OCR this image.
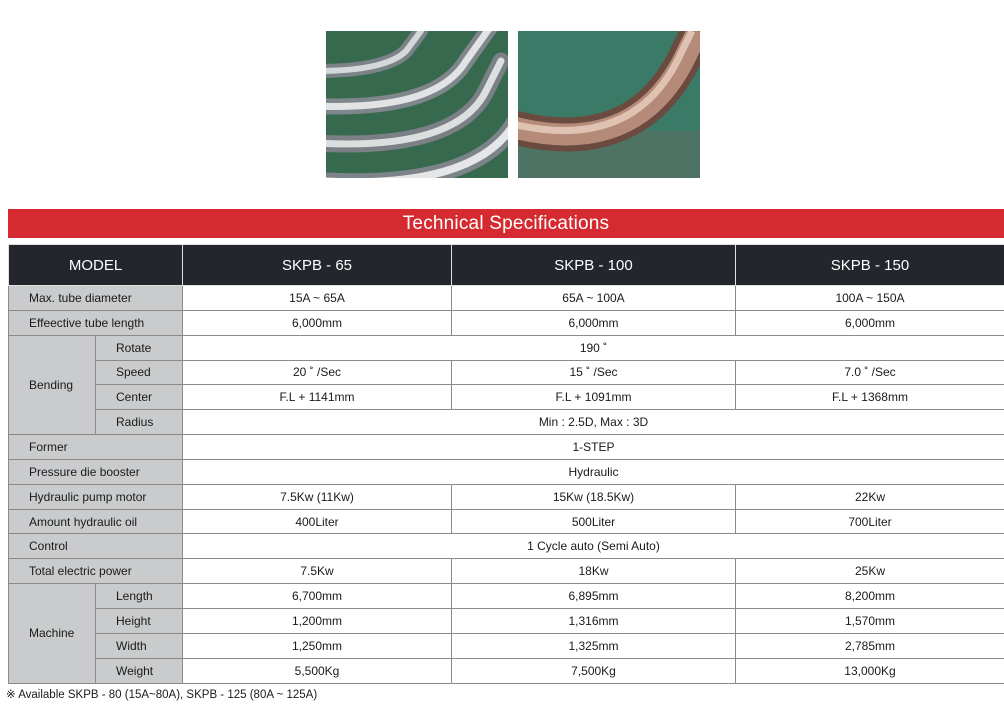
Technical Specifications
MODEL		SKPB - 65	SKPB - 100	SKPB - 150
Max. tube diameter		15A ~ 65A	65A ~ 100A	100A ~ 150A
Effeective tube length		6,000mm	6,000mm	6,000mm
Bending	Rotate	190 ˚		
	Speed	20 ˚ /Sec	15 ˚ /Sec	7.0 ˚ /Sec
	Center	F.L + 1141mm	F.L + 1091mm	F.L + 1368mm
	Radius	Min : 2.5D, Max : 3D		
Former		1-STEP		
Pressure die booster		Hydraulic		
Hydraulic pump motor		7.5Kw (11Kw)	15Kw (18.5Kw)	22Kw
Amount hydraulic oil		400Liter	500Liter	700Liter
Control		1 Cycle auto (Semi Auto)		
Total electric power		7.5Kw	18Kw	25Kw
Machine	Length	6,700mm	6,895mm	8,200mm
	Height	1,200mm	1,316mm	1,570mm
	Width	1,250mm	1,325mm	2,785mm
	Weight	5,500Kg	7,500Kg	13,000Kg
※ Available SKPB - 80 (15A~80A), SKPB - 125 (80A ~ 125A)
